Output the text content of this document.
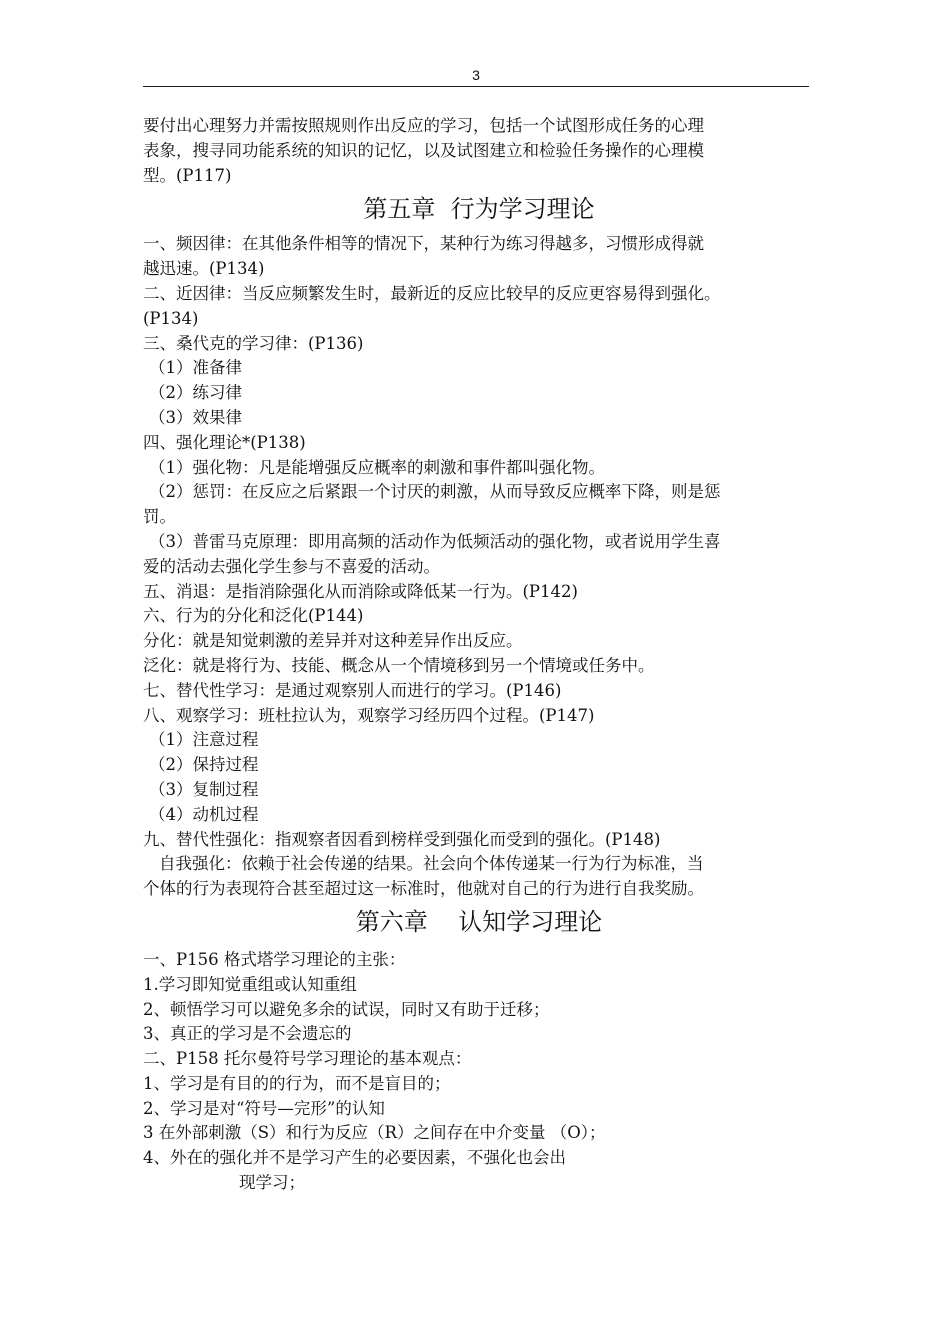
3
要付出心理努力并需按照规则作出反应的学习，包括一个试图形成任务的心理
表象，搜寻同功能系统的知识的记忆，以及试图建立和检验任务操作的心理模
型。(P117)
第五章  行为学习理论
一、频因律：在其他条件相等的情况下，某种行为练习得越多，习惯形成得就
越迅速。(P134)
二、近因律：当反应频繁发生时，最新近的反应比较早的反应更容易得到强化。
(P134)
三、桑代克的学习律：(P136)
（1）准备律
（2）练习律
（3）效果律
四、强化理论*(P138)
（1）强化物：凡是能增强反应概率的刺激和事件都叫强化物。
（2）惩罚：在反应之后紧跟一个讨厌的刺激，从而导致反应概率下降，则是惩
罚。
（3）普雷马克原理：即用高频的活动作为低频活动的强化物，或者说用学生喜
爱的活动去强化学生参与不喜爱的活动。
五、消退：是指消除强化从而消除或降低某一行为。(P142)
六、行为的分化和泛化(P144)
分化：就是知觉刺激的差异并对这种差异作出反应。
泛化：就是将行为、技能、概念从一个情境移到另一个情境或任务中。
七、替代性学习：是通过观察别人而进行的学习。(P146)
八、观察学习：班杜拉认为，观察学习经历四个过程。(P147)
（1）注意过程
（2）保持过程
（3）复制过程
（4）动机过程
九、替代性强化：指观察者因看到榜样受到强化而受到的强化。(P148)
自我强化：依赖于社会传递的结果。社会向个体传递某一行为行为标准，当
个体的行为表现符合甚至超过这一标准时，他就对自己的行为进行自我奖励。
第六章    认知学习理论
一、P156 格式塔学习理论的主张：
1.学习即知觉重组或认知重组
2、顿悟学习可以避免多余的试误，同时又有助于迁移；
3、真正的学习是不会遗忘的
二、P158 托尔曼符号学习理论的基本观点：
1、学习是有目的的行为，而不是盲目的；
2、学习是对“符号—完形”的认知
3 在外部刺激（S）和行为反应（R）之间存在中介变量 （O）；
4、外在的强化并不是学习产生的必要因素，不强化也会出
现学习；
